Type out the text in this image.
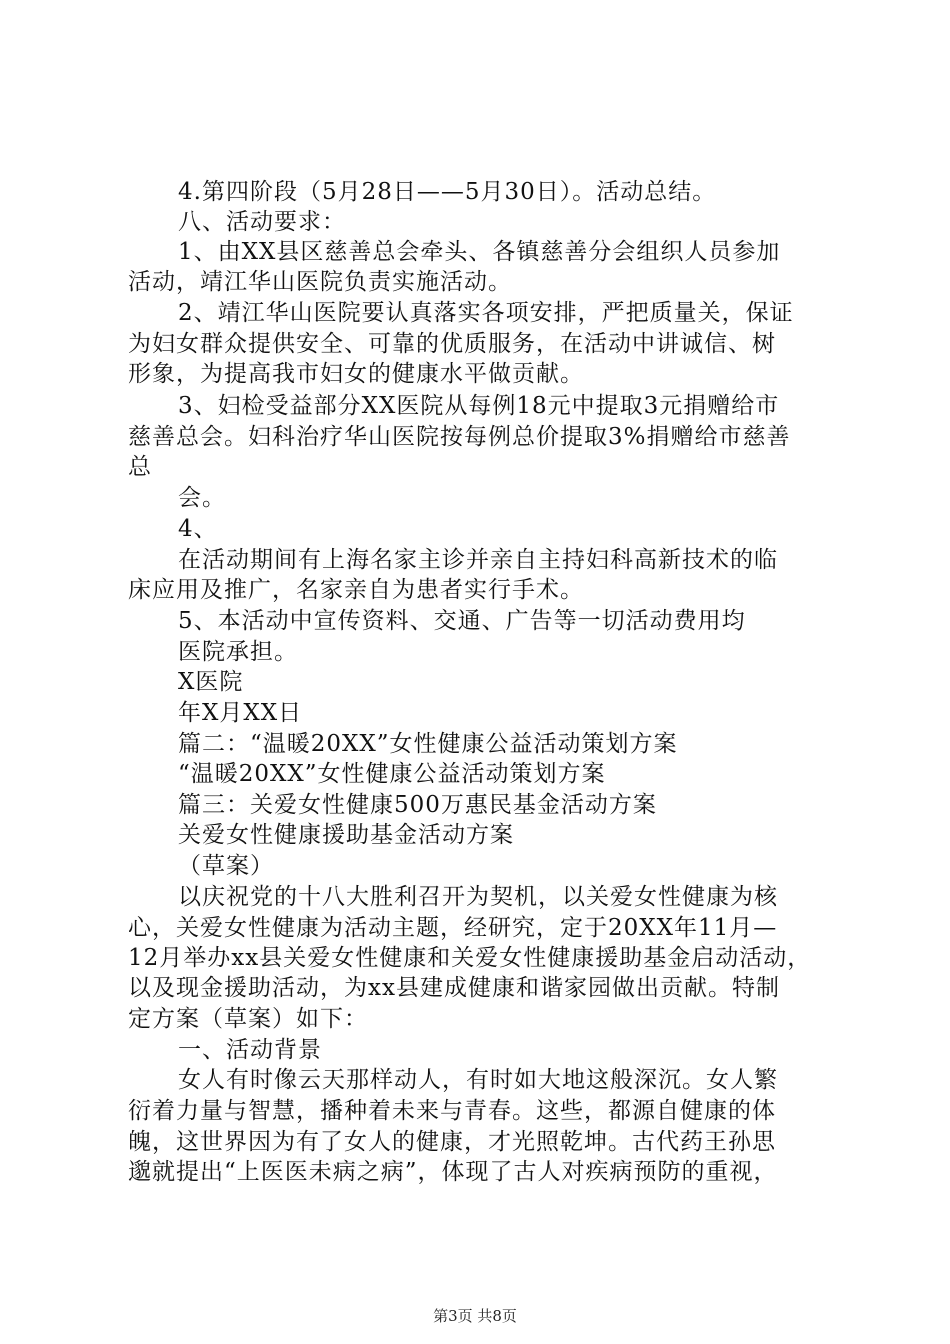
4.第四阶段（5月28日——5月30日）。活动总结。
八、活动要求：
1、由XX县区慈善总会牵头、各镇慈善分会组织人员参加
活动，靖江华山医院负责实施活动。
2、靖江华山医院要认真落实各项安排，严把质量关，保证
为妇女群众提供安全、可靠的优质服务，在活动中讲诚信、树
形象，为提高我市妇女的健康水平做贡献。
3、妇检受益部分XX医院从每例18元中提取3元捐赠给市
慈善总会。妇科治疗华山医院按每例总价提取3%捐赠给市慈善
总
会。
4、
在活动期间有上海名家主诊并亲自主持妇科高新技术的临
床应用及推广，名家亲自为患者实行手术。
5、本活动中宣传资料、交通、广告等一切活动费用均
医院承担。
X医院
年X月XX日
篇二：“温暖20XX”女性健康公益活动策划方案
“温暖20XX”女性健康公益活动策划方案
篇三：关爱女性健康500万惠民基金活动方案
关爱女性健康援助基金活动方案
（草案）
以庆祝党的十八大胜利召开为契机，以关爱女性健康为核
心，关爱女性健康为活动主题，经研究，定于20XX年11月—
12月举办xx县关爱女性健康和关爱女性健康援助基金启动活动，
以及现金援助活动，为xx县建成健康和谐家园做出贡献。特制
定方案（草案）如下：
一、活动背景
女人有时像云天那样动人，有时如大地这般深沉。女人繁
衍着力量与智慧，播种着未来与青春。这些，都源自健康的体
魄，这世界因为有了女人的健康，才光照乾坤。古代药王孙思
邈就提出“上医医未病之病”，体现了古人对疾病预防的重视，
第3页 共8页
